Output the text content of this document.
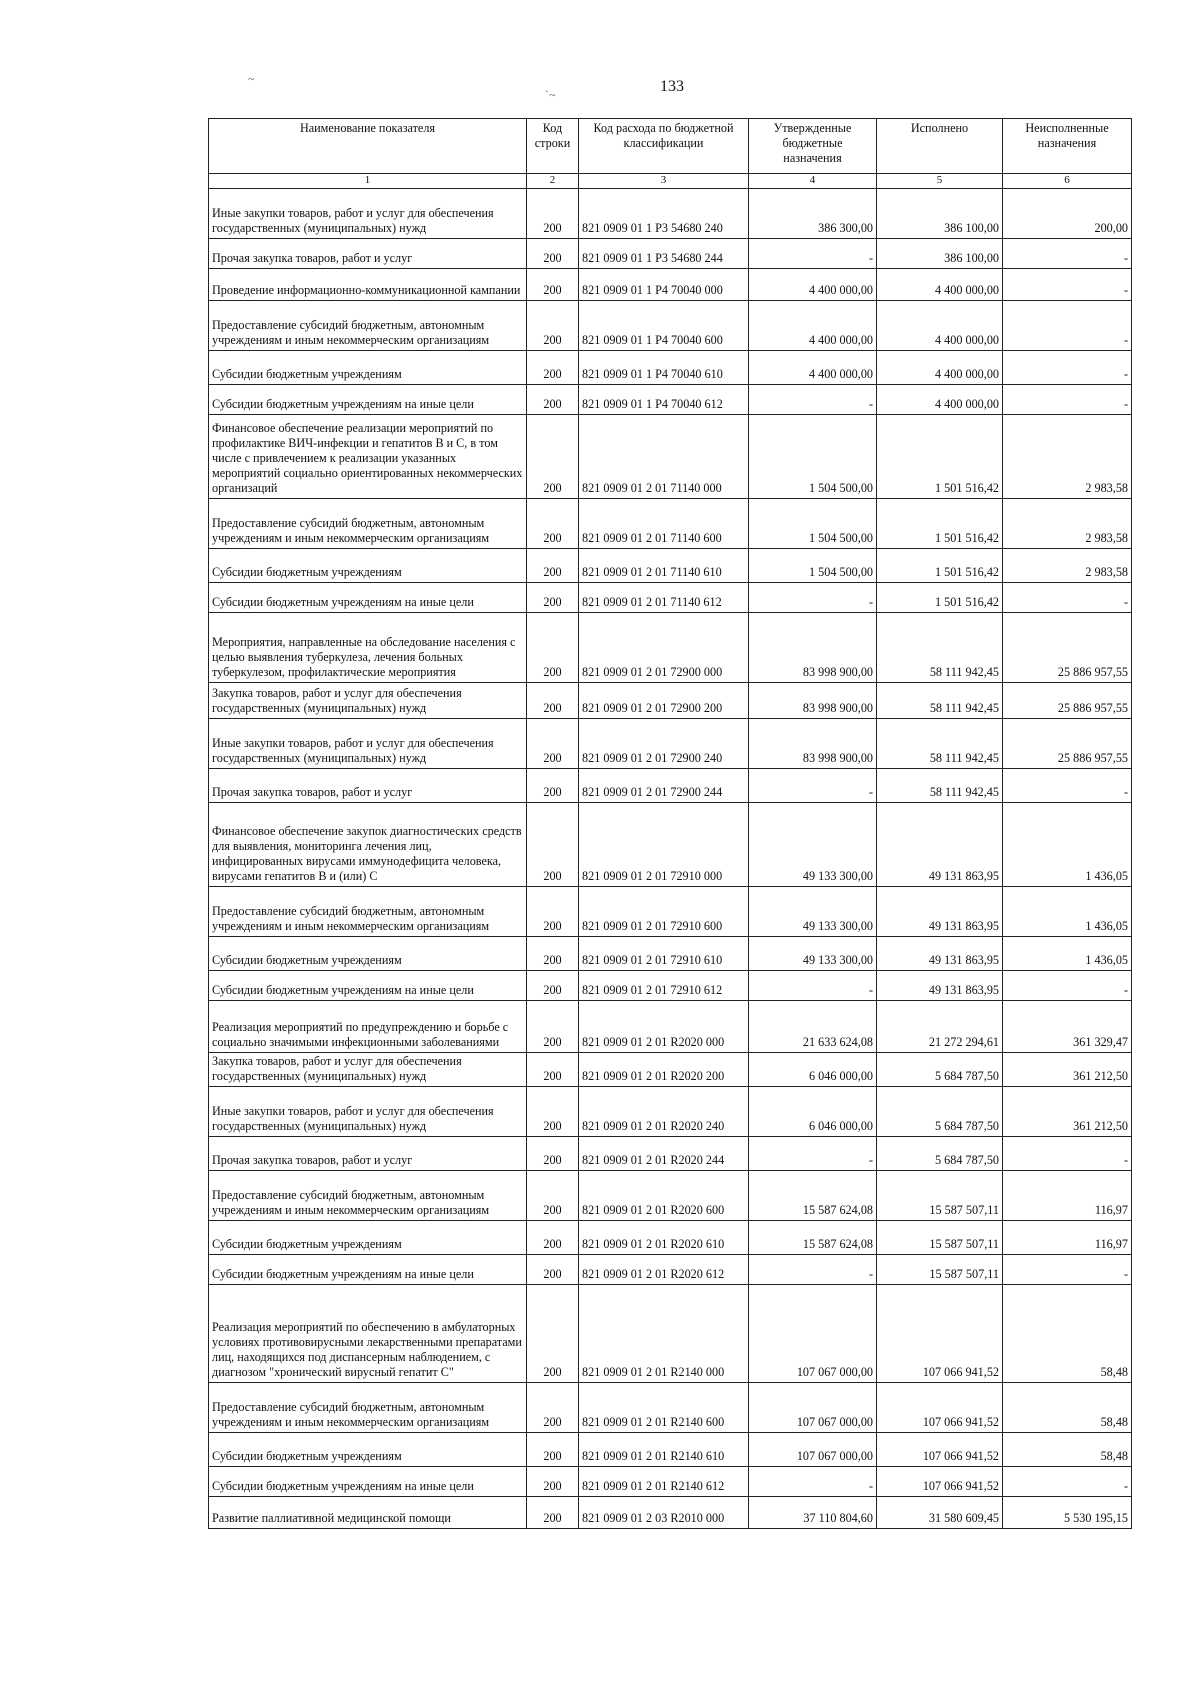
~
`~	133
Наименование показателя	Код строки	Код расхода по бюджетной классификации	Утвержденные бюджетные назначения	Исполнено	Неисполненные назначения
1	2	3	4	5	6
Иные закупки товаров, работ и услуг для обеспечения государственных (муниципальных) нужд	200	821 0909 01 1 P3 54680 240	386 300,00	386 100,00	200,00
Прочая закупка товаров, работ и услуг	200	821 0909 01 1 P3 54680 244	-	386 100,00	-
Проведение информационно-коммуникационной кампании	200	821 0909 01 1 P4 70040 000	4 400 000,00	4 400 000,00	-
Предоставление субсидий бюджетным, автономным учреждениям и иным некоммерческим организациям	200	821 0909 01 1 P4 70040 600	4 400 000,00	4 400 000,00	-
Субсидии бюджетным учреждениям	200	821 0909 01 1 P4 70040 610	4 400 000,00	4 400 000,00	-
Субсидии бюджетным учреждениям на иные цели	200	821 0909 01 1 P4 70040 612	-	4 400 000,00	-
Финансовое обеспечение реализации мероприятий по профилактике ВИЧ-инфекции и гепатитов B и C, в том числе с привлечением к реализации указанных мероприятий социально ориентированных некоммерческих организаций	200	821 0909 01 2 01 71140 000	1 504 500,00	1 501 516,42	2 983,58
Предоставление субсидий бюджетным, автономным учреждениям и иным некоммерческим организациям	200	821 0909 01 2 01 71140 600	1 504 500,00	1 501 516,42	2 983,58
Субсидии бюджетным учреждениям	200	821 0909 01 2 01 71140 610	1 504 500,00	1 501 516,42	2 983,58
Субсидии бюджетным учреждениям на иные цели	200	821 0909 01 2 01 71140 612	-	1 501 516,42	-
Мероприятия, направленные на обследование населения с целью выявления туберкулеза, лечения больных туберкулезом, профилактические мероприятия	200	821 0909 01 2 01 72900 000	83 998 900,00	58 111 942,45	25 886 957,55
Закупка товаров, работ и услуг для обеспечения государственных (муниципальных) нужд	200	821 0909 01 2 01 72900 200	83 998 900,00	58 111 942,45	25 886 957,55
Иные закупки товаров, работ и услуг для обеспечения государственных (муниципальных) нужд	200	821 0909 01 2 01 72900 240	83 998 900,00	58 111 942,45	25 886 957,55
Прочая закупка товаров, работ и услуг	200	821 0909 01 2 01 72900 244	-	58 111 942,45	-
Финансовое обеспечение закупок диагностических средств для выявления, мониторинга лечения лиц, инфицированных вирусами иммунодефицита человека, вирусами гепатитов B и (или) C	200	821 0909 01 2 01 72910 000	49 133 300,00	49 131 863,95	1 436,05
Предоставление субсидий бюджетным, автономным учреждениям и иным некоммерческим организациям	200	821 0909 01 2 01 72910 600	49 133 300,00	49 131 863,95	1 436,05
Субсидии бюджетным учреждениям	200	821 0909 01 2 01 72910 610	49 133 300,00	49 131 863,95	1 436,05
Субсидии бюджетным учреждениям на иные цели	200	821 0909 01 2 01 72910 612	-	49 131 863,95	-
Реализация мероприятий по предупреждению и борьбе с социально значимыми инфекционными заболеваниями	200	821 0909 01 2 01 R2020 000	21 633 624,08	21 272 294,61	361 329,47
Закупка товаров, работ и услуг для обеспечения государственных (муниципальных) нужд	200	821 0909 01 2 01 R2020 200	6 046 000,00	5 684 787,50	361 212,50
Иные закупки товаров, работ и услуг для обеспечения государственных (муниципальных) нужд	200	821 0909 01 2 01 R2020 240	6 046 000,00	5 684 787,50	361 212,50
Прочая закупка товаров, работ и услуг	200	821 0909 01 2 01 R2020 244	-	5 684 787,50	-
Предоставление субсидий бюджетным, автономным учреждениям и иным некоммерческим организациям	200	821 0909 01 2 01 R2020 600	15 587 624,08	15 587 507,11	116,97
Субсидии бюджетным учреждениям	200	821 0909 01 2 01 R2020 610	15 587 624,08	15 587 507,11	116,97
Субсидии бюджетным учреждениям на иные цели	200	821 0909 01 2 01 R2020 612	-	15 587 507,11	-
Реализация мероприятий по обеспечению в амбулаторных условиях противовирусными лекарственными препаратами лиц, находящихся под диспансерным наблюдением, с диагнозом "хронический вирусный гепатит C"	200	821 0909 01 2 01 R2140 000	107 067 000,00	107 066 941,52	58,48
Предоставление субсидий бюджетным, автономным учреждениям и иным некоммерческим организациям	200	821 0909 01 2 01 R2140 600	107 067 000,00	107 066 941,52	58,48
Субсидии бюджетным учреждениям	200	821 0909 01 2 01 R2140 610	107 067 000,00	107 066 941,52	58,48
Субсидии бюджетным учреждениям на иные цели	200	821 0909 01 2 01 R2140 612	-	107 066 941,52	-
Развитие паллиативной медицинской помощи	200	821 0909 01 2 03 R2010 000	37 110 804,60	31 580 609,45	5 530 195,15
